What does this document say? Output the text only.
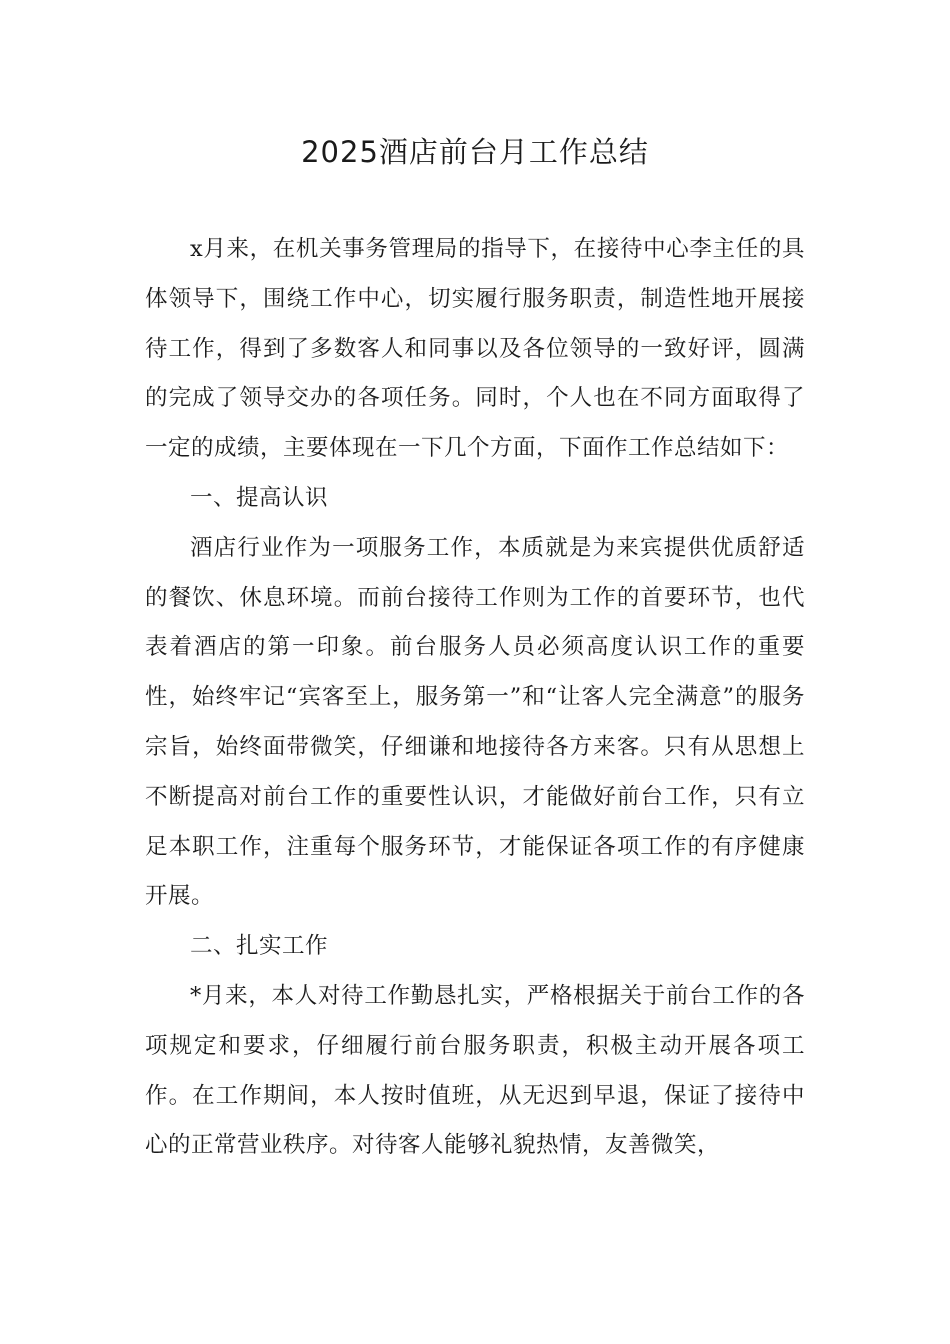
2025酒店前台月工作总结

x月来，在机关事务管理局的指导下，在接待中心李主任的具体领导下，围绕工作中心，切实履行服务职责，制造性地开展接待工作，得到了多数客人和同事以及各位领导的一致好评，圆满的完成了领导交办的各项任务。同时，个人也在不同方面取得了一定的成绩，主要体现在一下几个方面，下面作工作总结如下：

一、提高认识

酒店行业作为一项服务工作，本质就是为来宾提供优质舒适的餐饮、休息环境。而前台接待工作则为工作的首要环节，也代表着酒店的第一印象。前台服务人员必须高度认识工作的重要性，始终牢记“宾客至上，服务第一”和“让客人完全满意”的服务宗旨，始终面带微笑，仔细谦和地接待各方来客。只有从思想上不断提高对前台工作的重要性认识，才能做好前台工作，只有立足本职工作，注重每个服务环节，才能保证各项工作的有序健康开展。

二、扎实工作

*月来，本人对待工作勤恳扎实，严格根据关于前台工作的各项规定和要求，仔细履行前台服务职责，积极主动开展各项工作。在工作期间，本人按时值班，从无迟到早退，保证了接待中心的正常营业秩序。对待客人能够礼貌热情，友善微笑，
